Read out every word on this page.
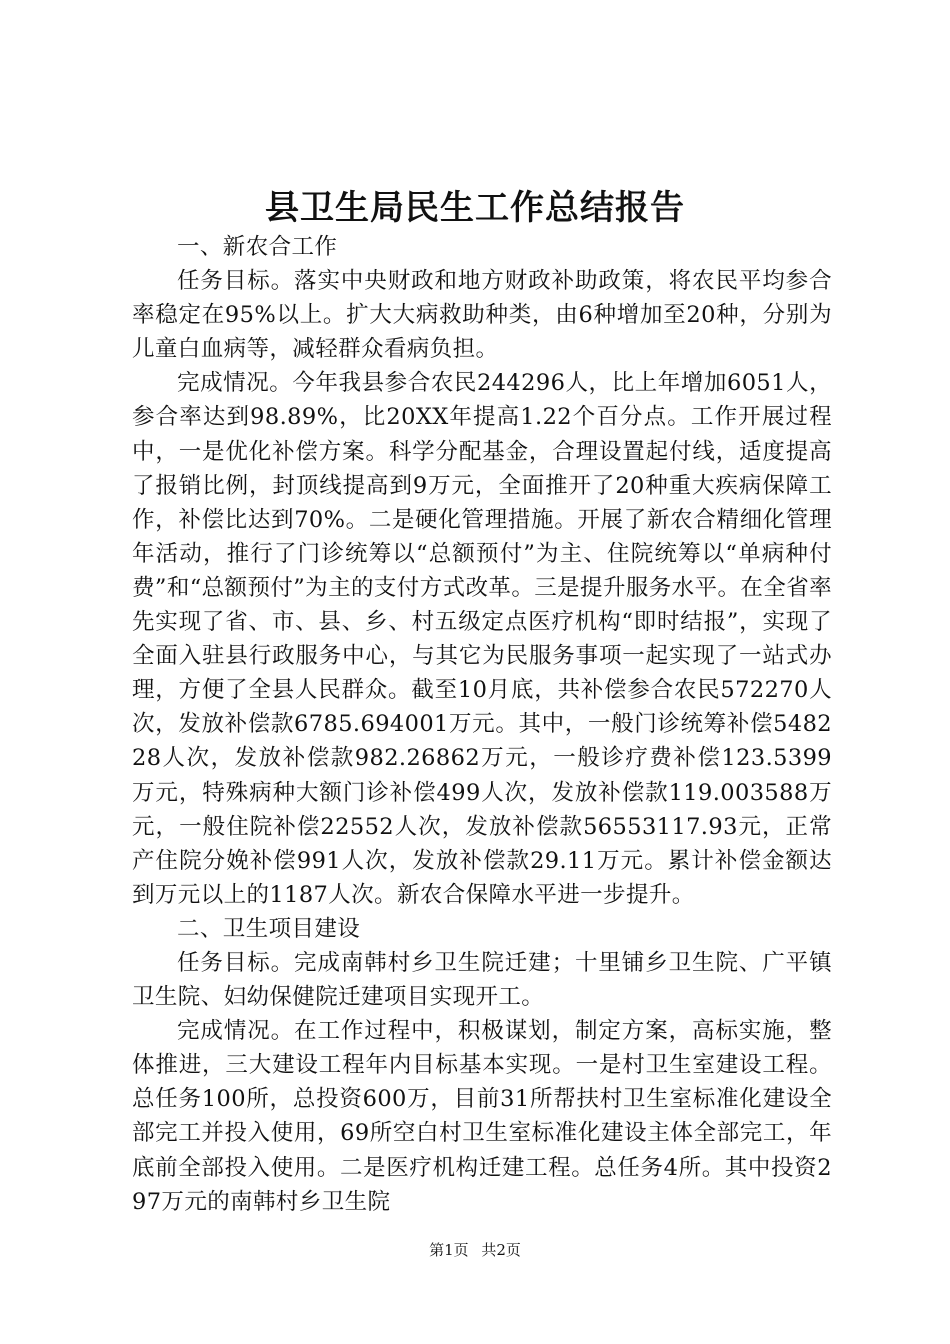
县卫生局民生工作总结报告

一、新农合工作

任务目标。落实中央财政和地方财政补助政策，将农民平均参合率稳定在95%以上。扩大大病救助种类，由6种增加至20种，分别为儿童白血病等，减轻群众看病负担。

完成情况。今年我县参合农民244296人，比上年增加6051人，参合率达到98.89%，比20XX年提高1.22个百分点。工作开展过程中，一是优化补偿方案。科学分配基金，合理设置起付线，适度提高了报销比例，封顶线提高到9万元，全面推开了20种重大疾病保障工作，补偿比达到70%。二是硬化管理措施。开展了新农合精细化管理年活动，推行了门诊统筹以“总额预付”为主、住院统筹以“单病种付费”和“总额预付”为主的支付方式改革。三是提升服务水平。在全省率先实现了省、市、县、乡、村五级定点医疗机构“即时结报”，实现了全面入驻县行政服务中心，与其它为民服务事项一起实现了一站式办理，方便了全县人民群众。截至10月底，共补偿参合农民572270人次，发放补偿款6785.694001万元。其中，一般门诊统筹补偿548228人次，发放补偿款982.26862万元，一般诊疗费补偿123.5399万元，特殊病种大额门诊补偿499人次，发放补偿款119.003588万元，一般住院补偿22552人次，发放补偿款56553117.93元，正常产住院分娩补偿991人次，发放补偿款29.11万元。累计补偿金额达到万元以上的1187人次。新农合保障水平进一步提升。

二、卫生项目建设

任务目标。完成南韩村乡卫生院迁建；十里铺乡卫生院、广平镇卫生院、妇幼保健院迁建项目实现开工。

完成情况。在工作过程中，积极谋划，制定方案，高标实施，整体推进，三大建设工程年内目标基本实现。一是村卫生室建设工程。总任务100所，总投资600万，目前31所帮扶村卫生室标准化建设全部完工并投入使用，69所空白村卫生室标准化建设主体全部完工，年底前全部投入使用。二是医疗机构迁建工程。总任务4所。其中投资297万元的南韩村乡卫生院

第1页 共2页
